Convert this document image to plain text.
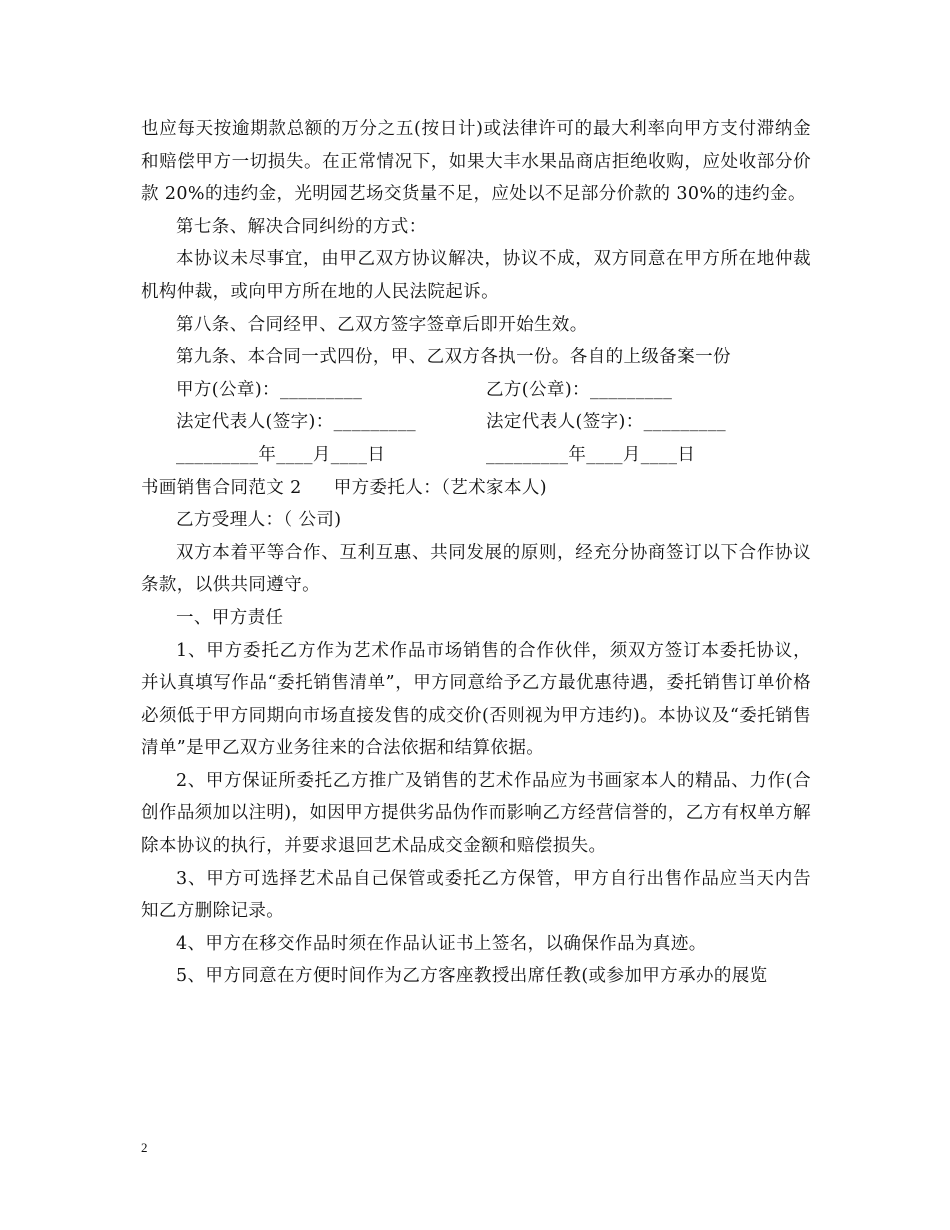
也应每天按逾期款总额的万分之五(按日计)或法律许可的最大利率向甲方支付滞纳金和赔偿甲方一切损失。在正常情况下，如果大丰水果品商店拒绝收购，应处收部分价款 20%的违约金，光明园艺场交货量不足，应处以不足部分价款的 30%的违约金。

第七条、解决合同纠纷的方式：

本协议未尽事宜，由甲乙双方协议解决，协议不成，双方同意在甲方所在地仲裁机构仲裁，或向甲方所在地的人民法院起诉。

第八条、合同经甲、乙双方签字签章后即开始生效。

第九条、本合同一式四份，甲、乙双方各执一份。各自的上级备案一份

甲方(公章)：_________	乙方(公章)：_________
法定代表人(签字)：_________	法定代表人(签字)：_________
_________年____月____日	_________年____月____日
书画销售合同范文 2 甲方委托人：（艺术家本人)

乙方受理人：（ 公司)

双方本着平等合作、互利互惠、共同发展的原则，经充分协商签订以下合作协议条款，以供共同遵守。

一、甲方责任

1、甲方委托乙方作为艺术作品市场销售的合作伙伴，须双方签订本委托协议，并认真填写作品“委托销售清单”，甲方同意给予乙方最优惠待遇，委托销售订单价格必须低于甲方同期向市场直接发售的成交价(否则视为甲方违约)。本协议及“委托销售清单”是甲乙双方业务往来的合法依据和结算依据。

2、甲方保证所委托乙方推广及销售的艺术作品应为书画家本人的精品、力作(合创作品须加以注明)，如因甲方提供劣品伪作而影响乙方经营信誉的，乙方有权单方解除本协议的执行，并要求退回艺术品成交金额和赔偿损失。

3、甲方可选择艺术品自己保管或委托乙方保管，甲方自行出售作品应当天内告知乙方删除记录。

4、甲方在移交作品时须在作品认证书上签名，以确保作品为真迹。

5、甲方同意在方便时间作为乙方客座教授出席任教(或参加甲方承办的展览

2
